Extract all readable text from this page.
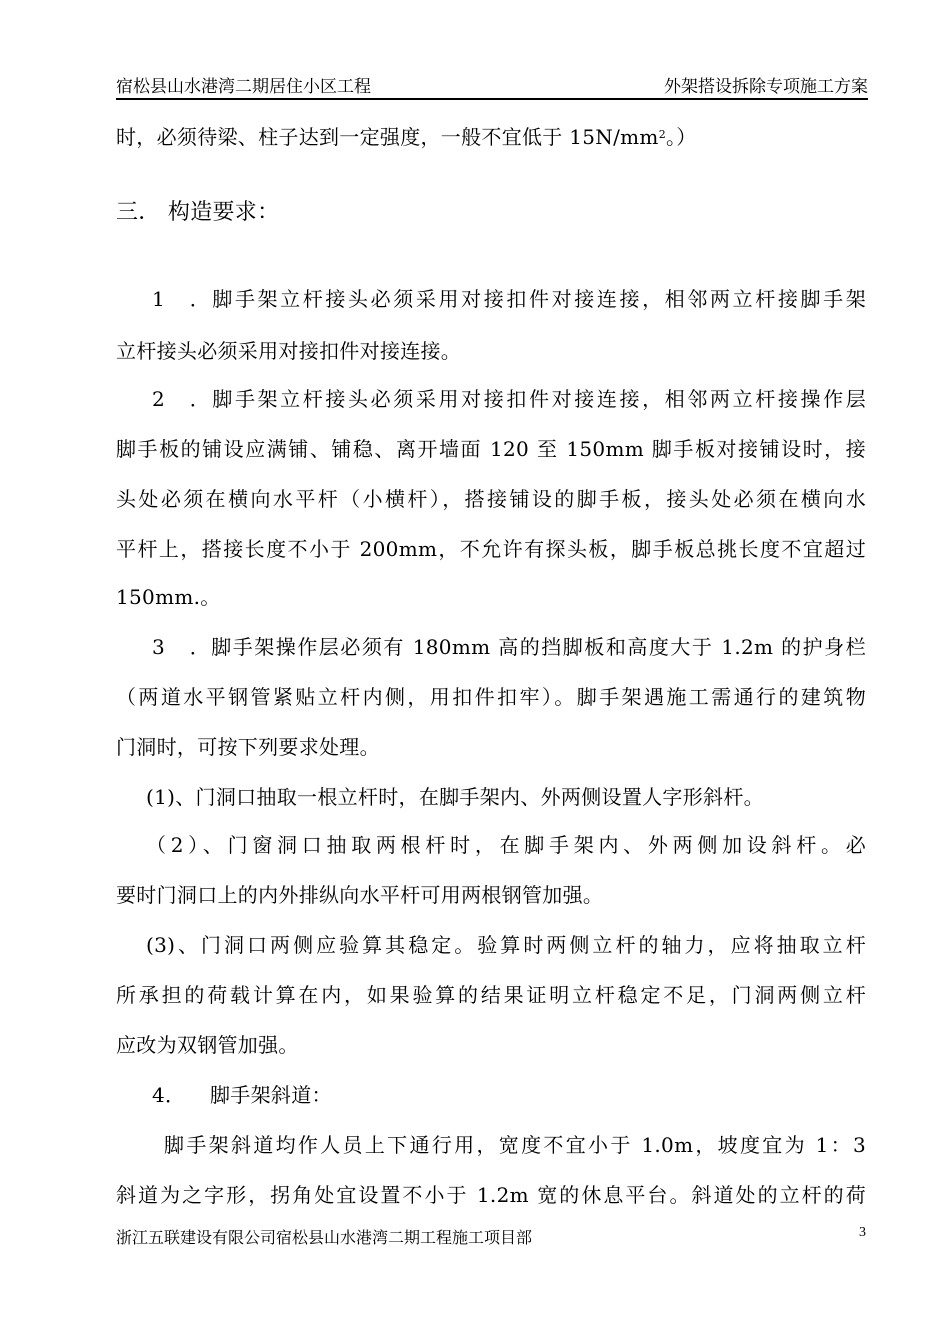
宿松县山水港湾二期居住小区工程	外架搭设拆除专项施工方案
时，必须待梁、柱子达到一定强度，一般不宜低于 $15N/mm^2$。）
三． 构造要求：
1．脚手架立杆接头必须采用对接扣件对接连接，相邻两立杆接脚手架
立杆接头必须采用对接扣件对接连接。
2．脚手架立杆接头必须采用对接扣件对接连接，相邻两立杆接操作层
脚手板的铺设应满铺、铺稳、离开墙面 120 至 150mm 脚手板对接铺设时，接
头处必须在横向水平杆（小横杆），搭接铺设的脚手板，接头处必须在横向水
平杆上，搭接长度不小于 200mm，不允许有探头板，脚手板总挑长度不宜超过
150mm.。
3．脚手架操作层必须有 180mm 高的挡脚板和高度大于 1.2m 的护身栏
（两道水平钢管紧贴立杆内侧，用扣件扣牢）。脚手架遇施工需通行的建筑物
门洞时，可按下列要求处理。
(1)、门洞口抽取一根立杆时，在脚手架内、外两侧设置人字形斜杆。
（2）、门窗洞口抽取两根杆时，在脚手架内、外两侧加设斜杆。必
要时门洞口上的内外排纵向水平杆可用两根钢管加强。
(3)、门洞口两侧应验算其稳定。验算时两侧立杆的轴力，应将抽取立杆
所承担的荷载计算在内，如果验算的结果证明立杆稳定不足，门洞两侧立杆
应改为双钢管加强。
4． 脚手架斜道：
脚手架斜道均作人员上下通行用，宽度不宜小于 1.0m，坡度宜为 1：3
斜道为之字形，拐角处宜设置不小于 1.2m 宽的休息平台。斜道处的立杆的荷
浙江五联建设有限公司宿松县山水港湾二期工程施工项目部	3
